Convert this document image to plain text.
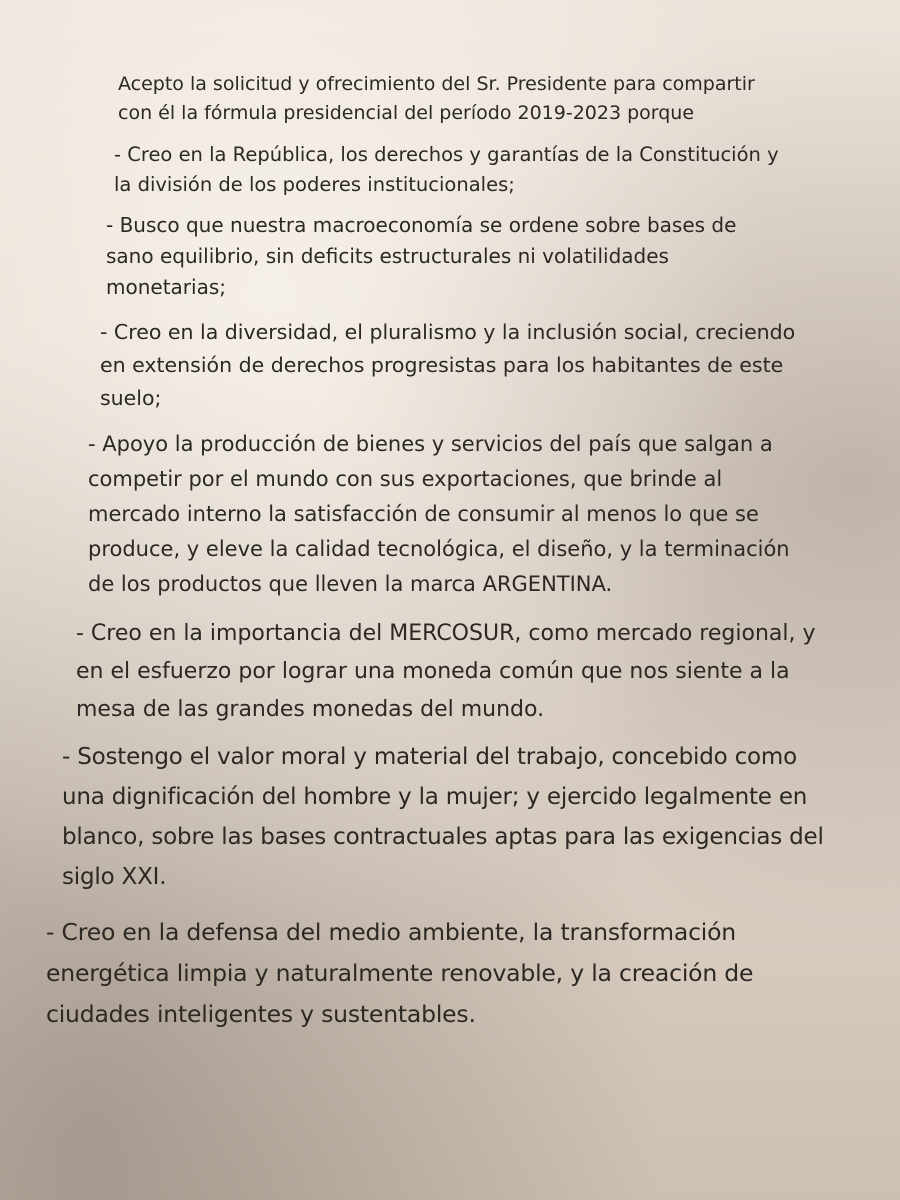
Acepto la solicitud y ofrecimiento del Sr. Presidente para compartir
con él la fórmula presidencial del período 2019-2023 porque
- Creo en la República, los derechos y garantías de la Constitución y
la división de los poderes institucionales;
- Busco que nuestra macroeconomía se ordene sobre bases de
sano equilibrio, sin deficits estructurales ni volatilidades
monetarias;
- Creo en la diversidad, el pluralismo y la inclusión social, creciendo
en extensión de derechos progresistas para los habitantes de este
suelo;
- Apoyo la producción de bienes y servicios del país que salgan a
competir por el mundo con sus exportaciones, que brinde al
mercado interno la satisfacción de consumir al menos lo que se
produce, y eleve la calidad tecnológica, el diseño, y la terminación
de los productos que lleven la marca ARGENTINA.
- Creo en la importancia del MERCOSUR, como mercado regional, y
en el esfuerzo por lograr una moneda común que nos siente a la
mesa de las grandes monedas del mundo.
- Sostengo el valor moral y material del trabajo, concebido como
una dignificación del hombre y la mujer; y ejercido legalmente en
blanco, sobre las bases contractuales aptas para las exigencias del
siglo XXI.
- Creo en la defensa del medio ambiente, la transformación
energética limpia y naturalmente renovable, y la creación de
ciudades inteligentes y sustentables.
